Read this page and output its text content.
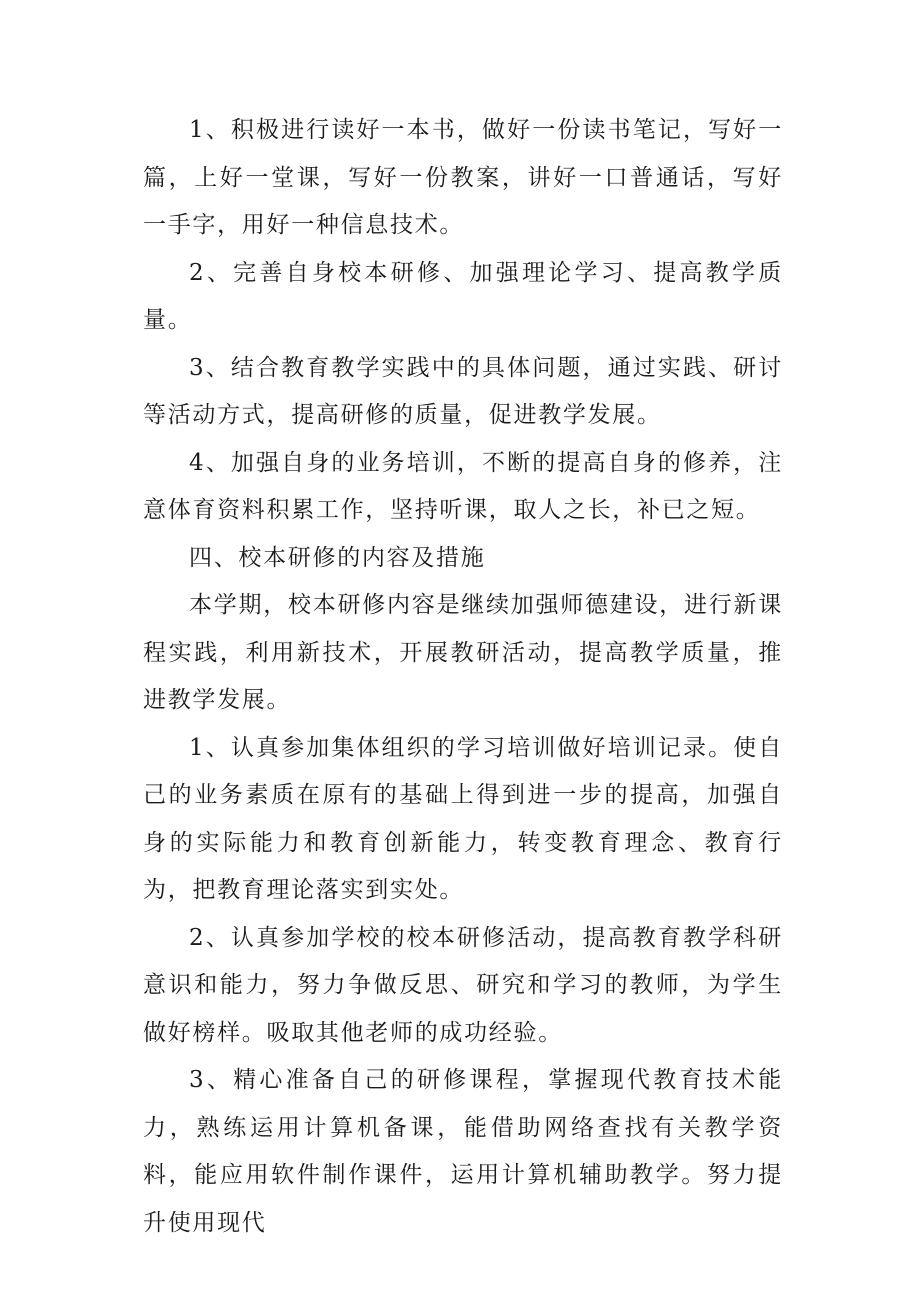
1、积极进行读好一本书，做好一份读书笔记，写好一篇，上好一堂课，写好一份教案，讲好一口普通话，写好一手字，用好一种信息技术。

2、完善自身校本研修、加强理论学习、提高教学质量。

3、结合教育教学实践中的具体问题，通过实践、研讨等活动方式，提高研修的质量，促进教学发展。

4、加强自身的业务培训，不断的提高自身的修养，注意体育资料积累工作，坚持听课，取人之长，补已之短。

四、校本研修的内容及措施

本学期，校本研修内容是继续加强师德建设，进行新课程实践，利用新技术，开展教研活动，提高教学质量，推进教学发展。

1、认真参加集体组织的学习培训做好培训记录。使自己的业务素质在原有的基础上得到进一步的提高，加强自身的实际能力和教育创新能力，转变教育理念、教育行为，把教育理论落实到实处。

2、认真参加学校的校本研修活动，提高教育教学科研意识和能力，努力争做反思、研究和学习的教师，为学生做好榜样。吸取其他老师的成功经验。

3、精心准备自己的研修课程，掌握现代教育技术能力，熟练运用计算机备课，能借助网络查找有关教学资料，能应用软件制作课件，运用计算机辅助教学。努力提升使用现代
